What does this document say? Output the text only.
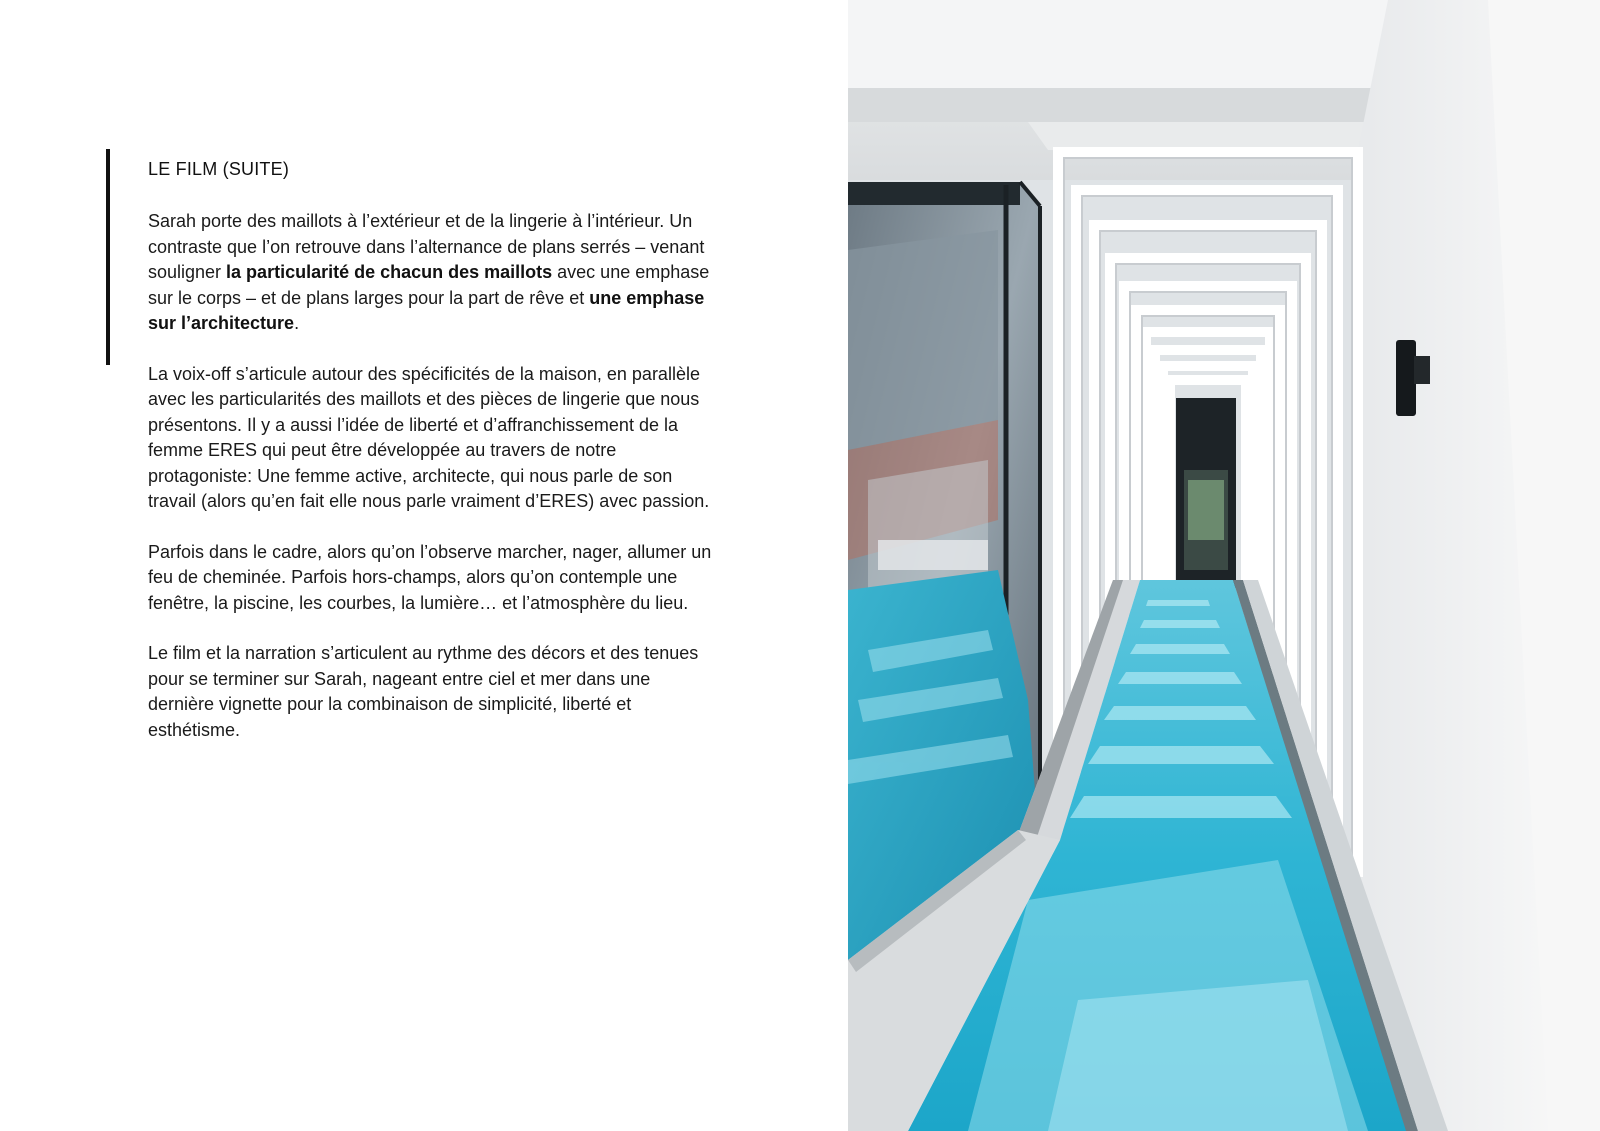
LE FILM (SUITE)

Sarah porte des maillots à l’extérieur et de la lingerie à l’intérieur. Un contraste que l’on retrouve dans l’alternance de plans serrés – venant souligner la particularité de chacun des maillots avec une emphase sur le corps – et de plans larges pour la part de rêve et une emphase sur l’architecture.

La voix-off s’articule autour des spécificités de la maison, en parallèle avec les particularités des maillots et des pièces de lingerie que nous présentons. Il y a aussi l’idée de liberté et d’affranchissement de la femme ERES qui peut être développée au travers de notre protagoniste: Une femme active, architecte, qui nous parle de son travail (alors qu’en fait elle nous parle vraiment d’ERES) avec passion.

Parfois dans le cadre, alors qu’on l’observe marcher, nager, allumer un feu de cheminée. Parfois hors-champs, alors qu’on contemple une fenêtre, la piscine, les courbes, la lumière… et l’atmosphère du lieu.

Le film et la narration s’articulent au rythme des décors et des tenues pour se terminer sur Sarah, nageant entre ciel et mer dans une dernière vignette pour la combinaison de simplicité, liberté et esthétisme.
